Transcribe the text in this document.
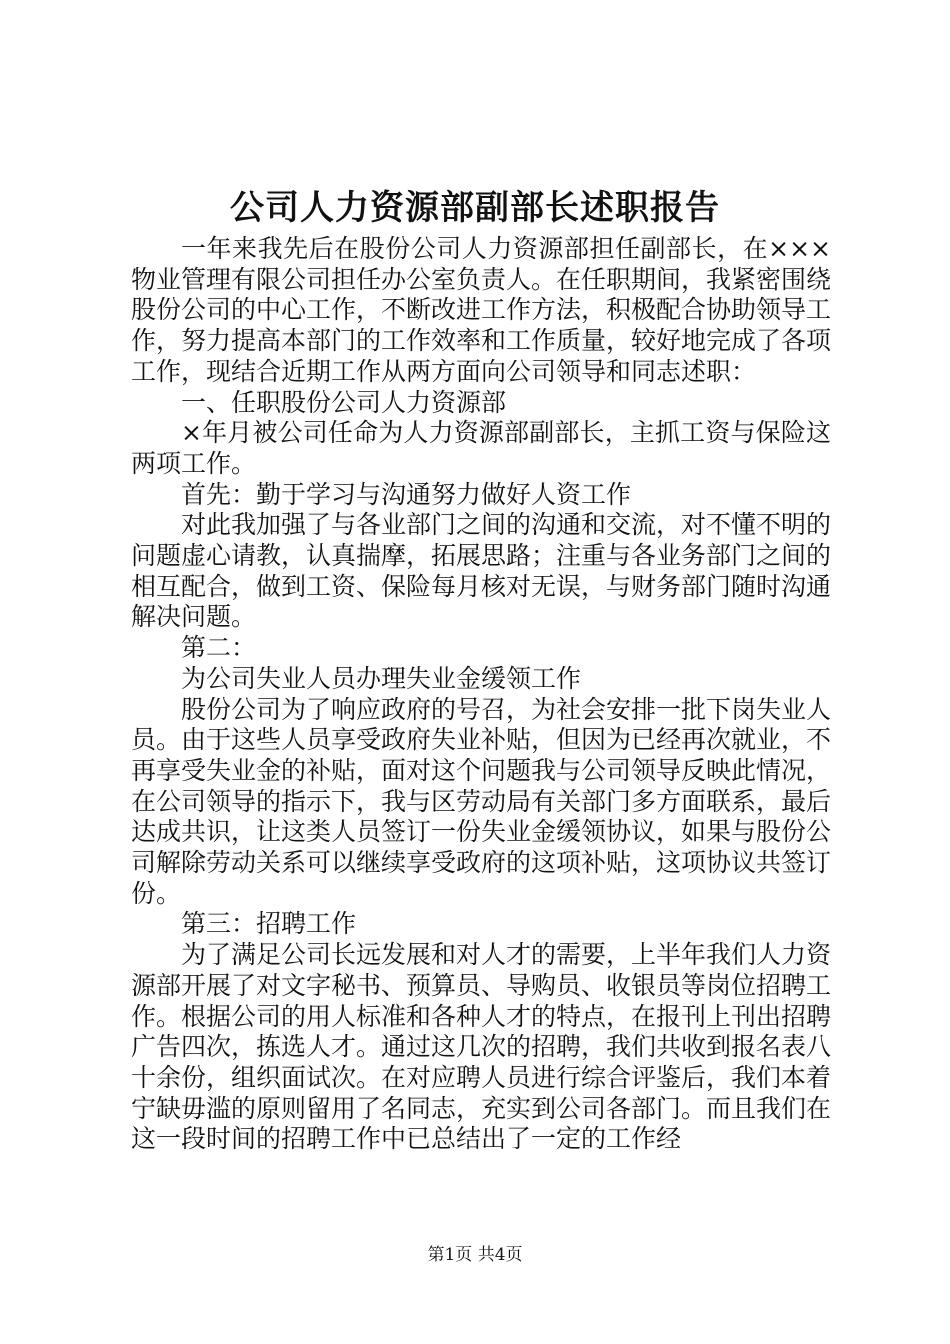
公司人力资源部副部长述职报告

一年来我先后在股份公司人力资源部担任副部长，在×××物业管理有限公司担任办公室负责人。在任职期间，我紧密围绕股份公司的中心工作，不断改进工作方法，积极配合协助领导工作，努力提高本部门的工作效率和工作质量，较好地完成了各项工作，现结合近期工作从两方面向公司领导和同志述职：

一、任职股份公司人力资源部

×年月被公司任命为人力资源部副部长，主抓工资与保险这两项工作。

首先：勤于学习与沟通努力做好人资工作

对此我加强了与各业部门之间的沟通和交流，对不懂不明的问题虚心请教，认真揣摩，拓展思路；注重与各业务部门之间的相互配合，做到工资、保险每月核对无误，与财务部门随时沟通解决问题。

第二：

为公司失业人员办理失业金缓领工作

股份公司为了响应政府的号召，为社会安排一批下岗失业人员。由于这些人员享受政府失业补贴，但因为已经再次就业，不再享受失业金的补贴，面对这个问题我与公司领导反映此情况，在公司领导的指示下，我与区劳动局有关部门多方面联系，最后达成共识，让这类人员签订一份失业金缓领协议，如果与股份公司解除劳动关系可以继续享受政府的这项补贴，这项协议共签订份。

第三：招聘工作

为了满足公司长远发展和对人才的需要，上半年我们人力资源部开展了对文字秘书、预算员、导购员、收银员等岗位招聘工作。根据公司的用人标准和各种人才的特点，在报刊上刊出招聘广告四次，拣选人才。通过这几次的招聘，我们共收到报名表八十余份，组织面试次。在对应聘人员进行综合评鉴后，我们本着宁缺毋滥的原则留用了名同志，充实到公司各部门。而且我们在这一段时间的招聘工作中已总结出了一定的工作经

第1页 共4页
